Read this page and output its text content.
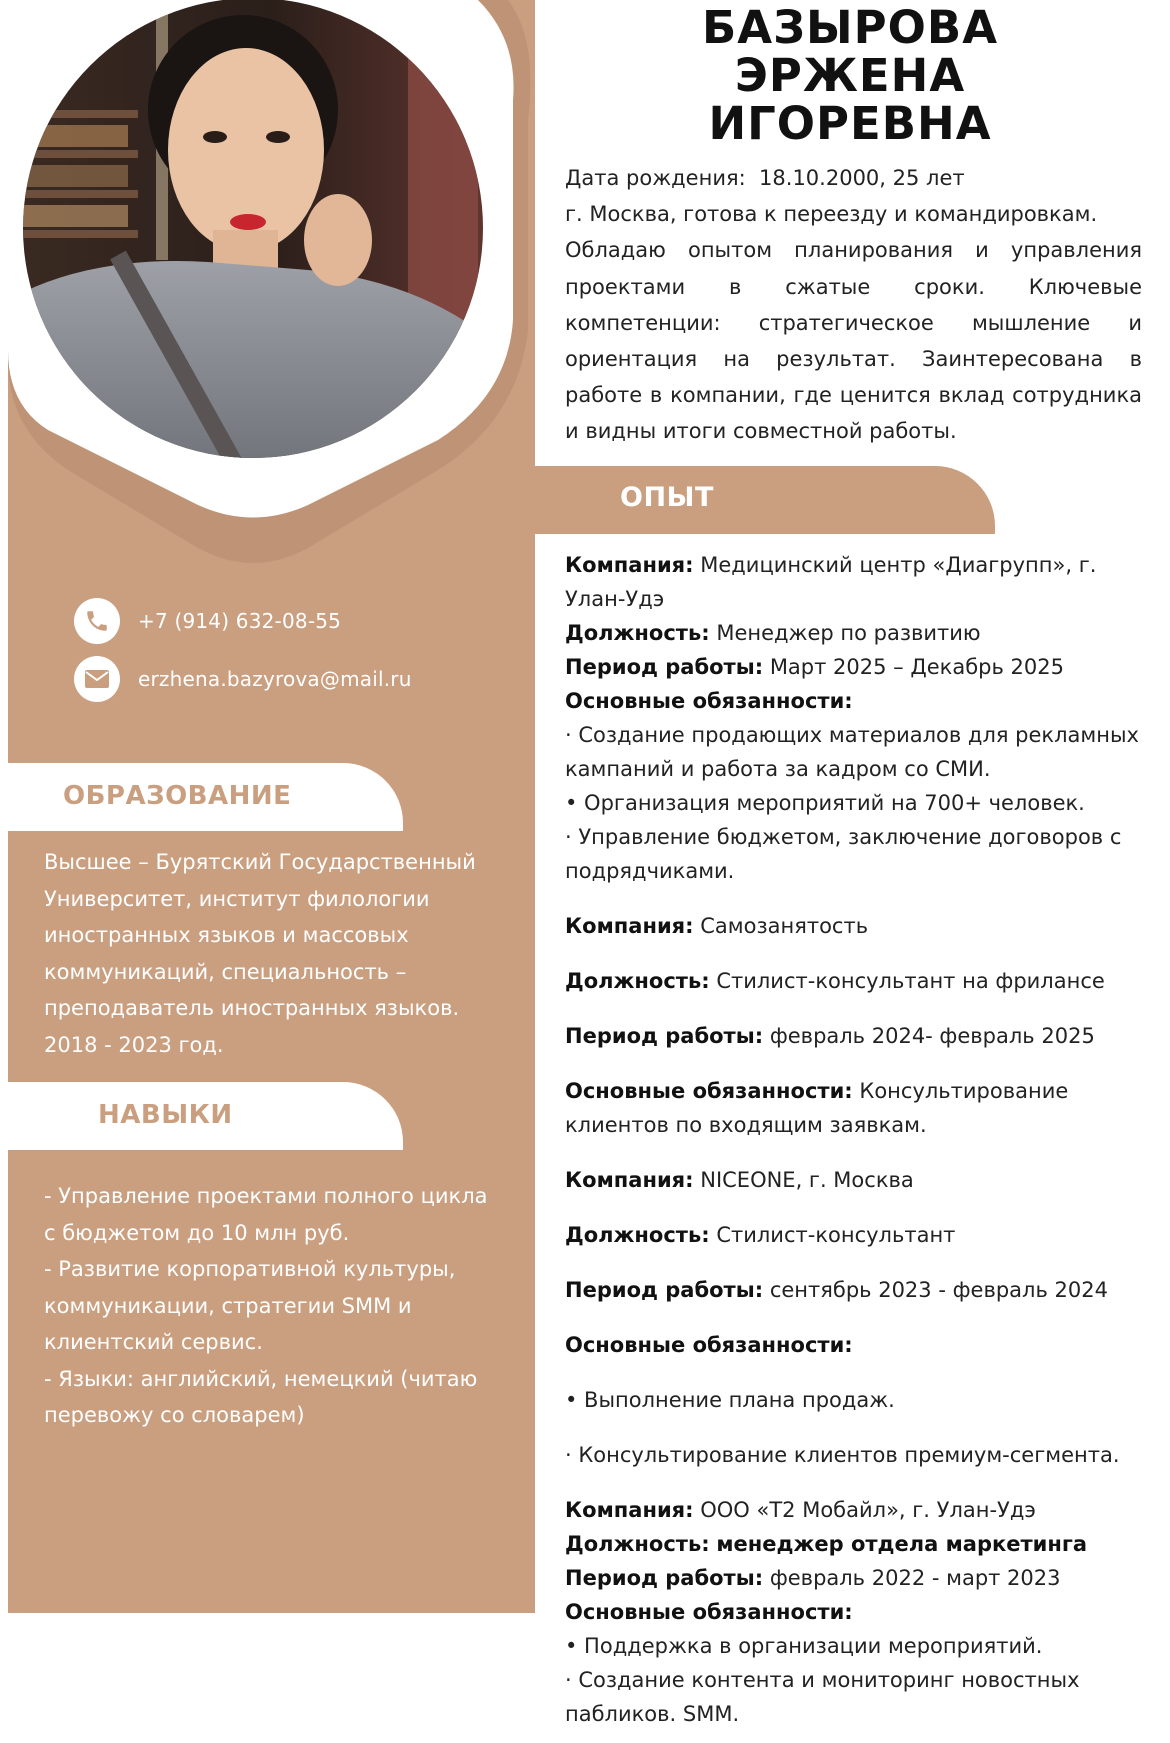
+7 (914) 632-08-55
erzhena.bazyrova@mail.ru
ОБРАЗОВАНИЕ
Высшее – Бурятский Государственный Университет, институт филологии иностранных языков и массовых коммуникаций, специальность – преподаватель иностранных языков. 2018 - 2023 год.
НАВЫКИ
- Управление проектами полного цикла с бюджетом до 10 млн руб.
- Развитие корпоративной культуры, коммуникации, стратегии SMM и клиентский сервис.
- Языки: английский, немецкий (читаю перевожу со словарем)
БАЗЫРОВА
ЭРЖЕНА
ИГОРЕВНА
Дата рождения: 18.10.2000, 25 лет
г. Москва, готова к переезду и командировкам.
Обладаю опытом планирования и управления проектами в сжатые сроки. Ключевые компетенции: стратегическое мышление и ориентация на результат. Заинтересована в работе в компании, где ценится вклад сотрудника и видны итоги совместной работы.
ОПЫТ

Компания: Медицинский центр «Диагрупп», г. Улан-Удэ

Должность: Менеджер по развитию

Период работы: Март 2025 – Декабрь 2025

Основные обязанности:

· Создание продающих материалов для рекламных кампаний и работа за кадром со СМИ.

• Организация мероприятий на 700+ человек.

· Управление бюджетом, заключение договоров с подрядчиками.

Компания: Самозанятость

Должность: Стилист-консультант на фрилансе

Период работы: февраль 2024- февраль 2025

Основные обязанности: Консультирование клиентов по входящим заявкам.

Компания: NICEONE, г. Москва

Должность: Стилист-консультант

Период работы: сентябрь 2023 - февраль 2024

Основные обязанности:

• Выполнение плана продаж.

· Консультирование клиентов премиум-сегмента.

Компания: ООО «Т2 Мобайл», г. Улан-Удэ

Должность: менеджер отдела маркетинга

Период работы: февраль 2022 - март 2023

Основные обязанности:

• Поддержка в организации мероприятий.

· Создание контента и мониторинг новостных пабликов. SMM.
